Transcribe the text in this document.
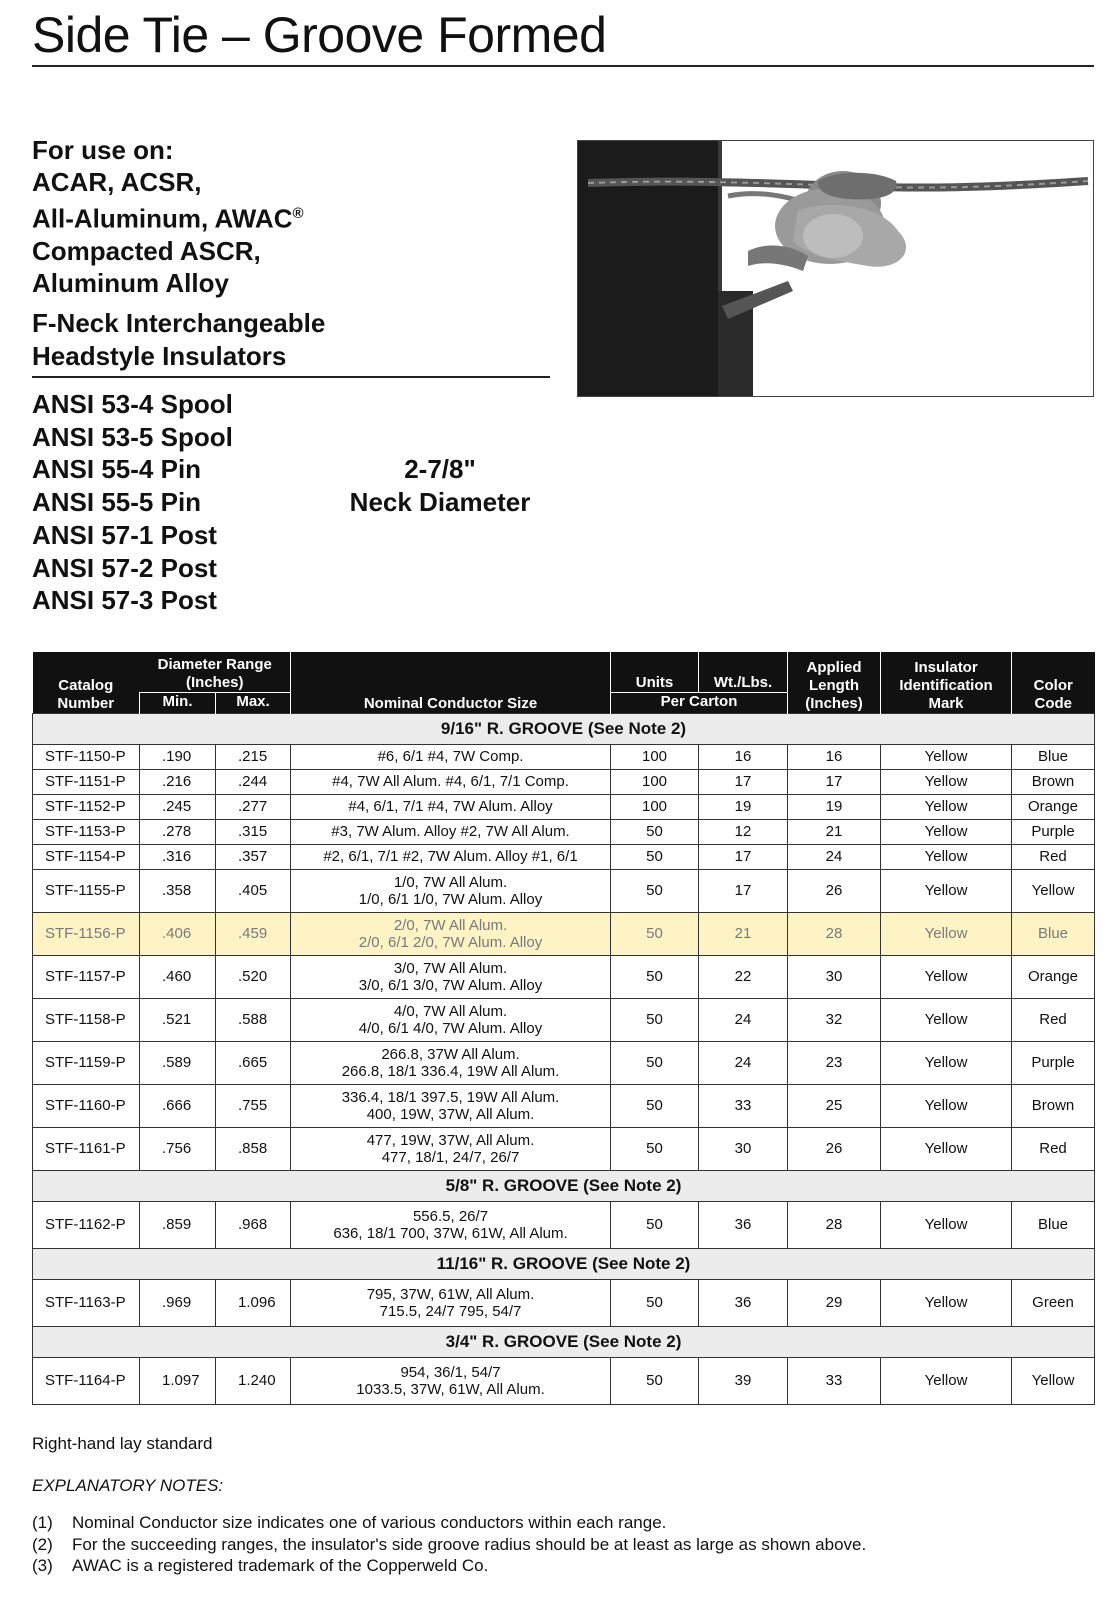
Side Tie – Groove Formed
For use on:
ACAR, ACSR,
All-Aluminum, AWAC®
Compacted ASCR,
Aluminum Alloy
F-Neck Interchangeable
Headstyle Insulators
ANSI 53-4 Spool
ANSI 53-5 Spool
ANSI 55-4 Pin
ANSI 55-5 Pin
ANSI 57-1 Post
ANSI 57-2 Post
ANSI 57-3 Post
2-7/8"
Neck Diameter
Catalog Number	Diameter Range (Inches)		Nominal Conductor Size	Units	Wt./Lbs.	Applied Length (Inches)	Insulator Identification Mark	Color Code
	Min.	Max.		Per Carton				
9/16" R. GROOVE (See Note 2)								
STF-1150-P	.190	.215	#6, 6/1 #4, 7W Comp.	100	16	16	Yellow	Blue
STF-1151-P	.216	.244	#4, 7W All Alum. #4, 6/1, 7/1 Comp.	100	17	17	Yellow	Brown
STF-1152-P	.245	.277	#4, 6/1, 7/1 #4, 7W Alum. Alloy	100	19	19	Yellow	Orange
STF-1153-P	.278	.315	#3, 7W Alum. Alloy #2, 7W All Alum.	50	12	21	Yellow	Purple
STF-1154-P	.316	.357	#2, 6/1, 7/1 #2, 7W Alum. Alloy #1, 6/1	50	17	24	Yellow	Red
STF-1155-P	.358	.405	1/0, 7W All Alum.
1/0, 6/1 1/0, 7W Alum. Alloy	50	17	26	Yellow	Yellow
STF-1156-P	.406	.459	2/0, 7W All Alum.
2/0, 6/1 2/0, 7W Alum. Alloy	50	21	28	Yellow	Blue
STF-1157-P	.460	.520	3/0, 7W All Alum.
3/0, 6/1 3/0, 7W Alum. Alloy	50	22	30	Yellow	Orange
STF-1158-P	.521	.588	4/0, 7W All Alum.
4/0, 6/1 4/0, 7W Alum. Alloy	50	24	32	Yellow	Red
STF-1159-P	.589	.665	266.8, 37W All Alum.
266.8, 18/1 336.4, 19W All Alum.	50	24	23	Yellow	Purple
STF-1160-P	.666	.755	336.4, 18/1 397.5, 19W All Alum.
400, 19W, 37W, All Alum.	50	33	25	Yellow	Brown
STF-1161-P	.756	.858	477, 19W, 37W, All Alum.
477, 18/1, 24/7, 26/7	50	30	26	Yellow	Red
5/8" R. GROOVE (See Note 2)								
STF-1162-P	.859	.968	556.5, 26/7
636, 18/1 700, 37W, 61W, All Alum.	50	36	28	Yellow	Blue
11/16" R. GROOVE (See Note 2)								
STF-1163-P	.969	1.096	795, 37W, 61W, All Alum.
715.5, 24/7 795, 54/7	50	36	29	Yellow	Green
3/4" R. GROOVE (See Note 2)								
STF-1164-P	1.097	1.240	954, 36/1, 54/7
1033.5, 37W, 61W, All Alum.	50	39	33	Yellow	Yellow
Right-hand lay standard
EXPLANATORY NOTES:
(1) Nominal Conductor size indicates one of various conductors within each range.
(2) For the succeeding ranges, the insulator's side groove radius should be at least as large as shown above.
(3) AWAC is a registered trademark of the Copperweld Co.
